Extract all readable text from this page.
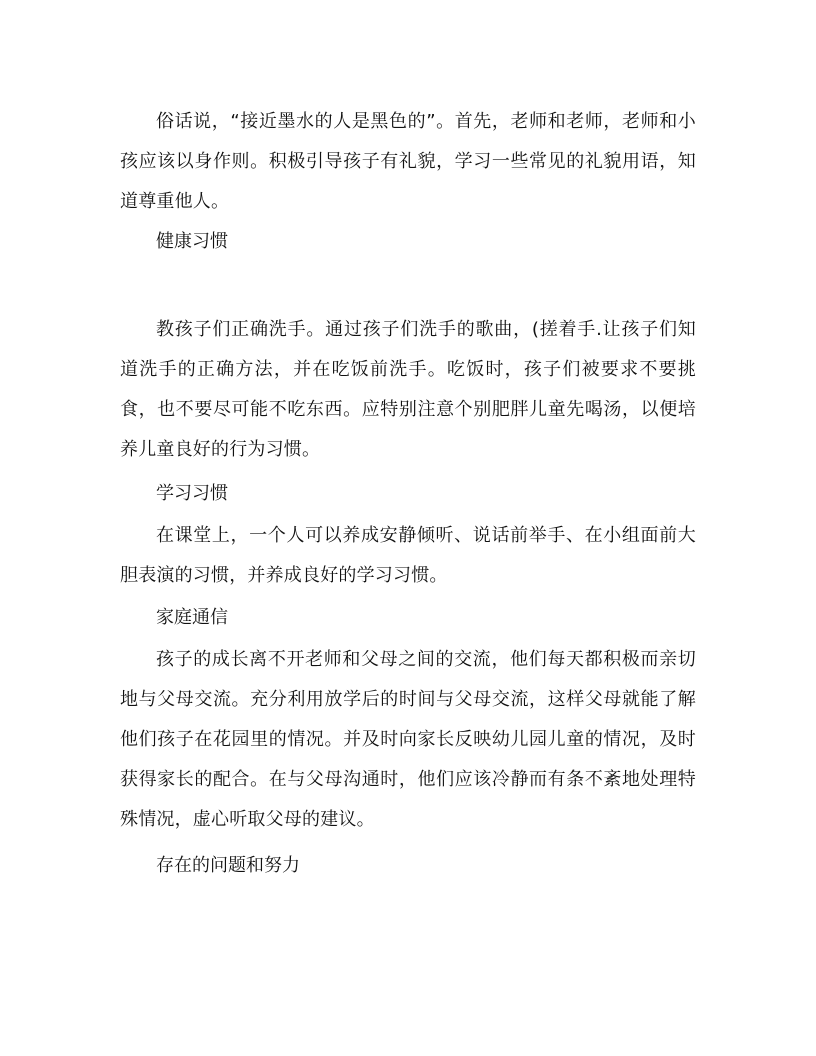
俗话说，“接近墨水的人是黑色的”。首先，老师和老师，老师和小孩应该以身作则。积极引导孩子有礼貌，学习一些常见的礼貌用语，知道尊重他人。

健康习惯

教孩子们正确洗手。通过孩子们洗手的歌曲，(搓着手.让孩子们知道洗手的正确方法，并在吃饭前洗手。吃饭时，孩子们被要求不要挑食，也不要尽可能不吃东西。应特别注意个别肥胖儿童先喝汤，以便培养儿童良好的行为习惯。

学习习惯

在课堂上，一个人可以养成安静倾听、说话前举手、在小组面前大胆表演的习惯，并养成良好的学习习惯。

家庭通信

孩子的成长离不开老师和父母之间的交流，他们每天都积极而亲切地与父母交流。充分利用放学后的时间与父母交流，这样父母就能了解他们孩子在花园里的情况。并及时向家长反映幼儿园儿童的情况，及时获得家长的配合。在与父母沟通时，他们应该冷静而有条不紊地处理特殊情况，虚心听取父母的建议。

存在的问题和努力
